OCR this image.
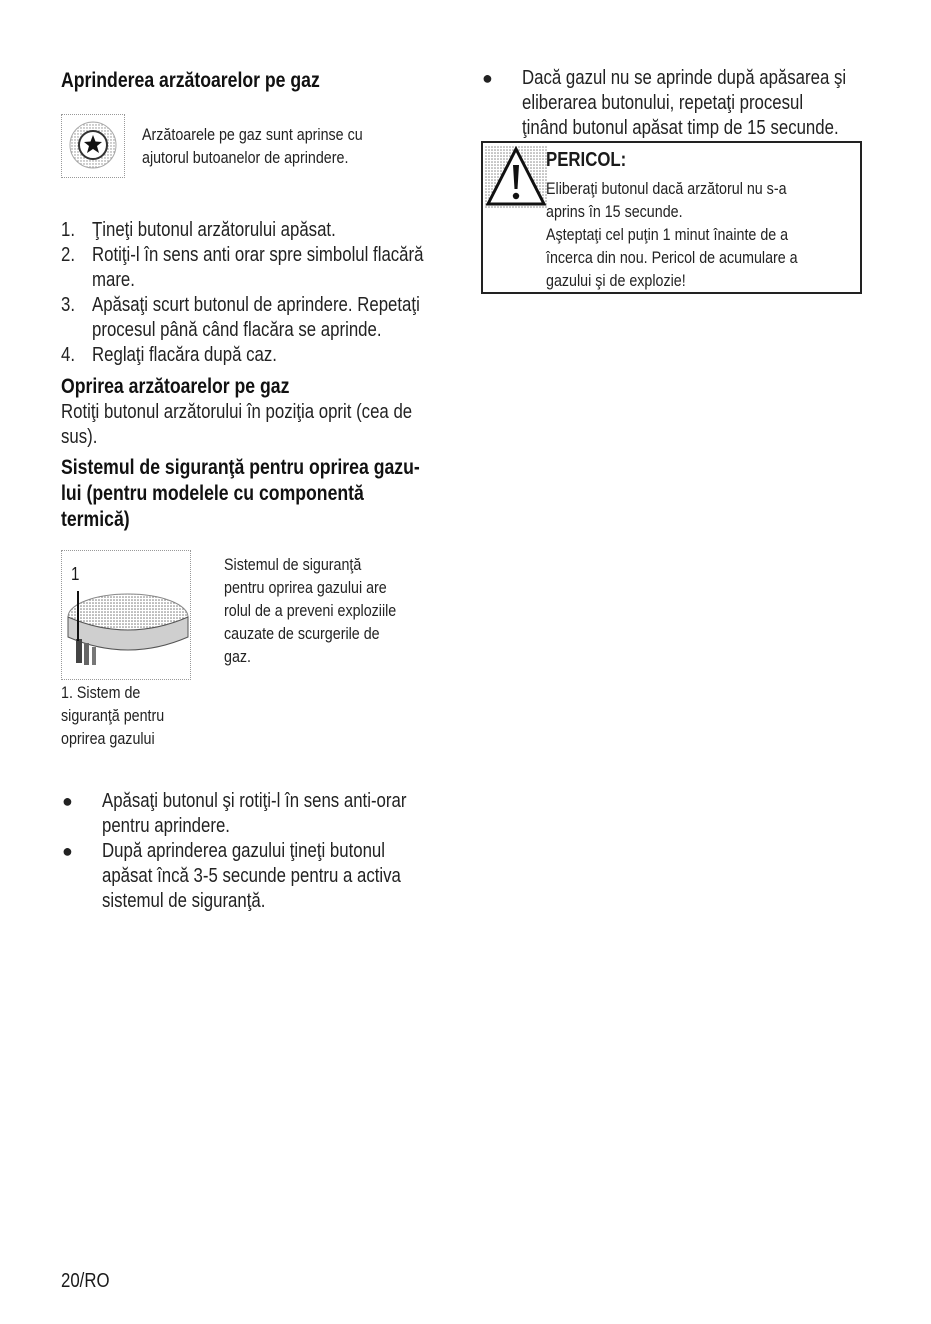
Aprinderea arzătoarelor pe gaz
Arzătoarele pe gaz sunt aprinse cu
ajutorul butoanelor de aprindere.
1. Ţineţi butonul arzătorului apăsat.
2. Rotiţi-l în sens anti orar spre simbolul flacără
mare.
3. Apăsaţi scurt butonul de aprindere. Repetaţi
procesul până când flacăra se aprinde.
4. Reglaţi flacăra după caz.
Oprirea arzătoarelor pe gaz
Rotiţi butonul arzătorului în poziţia oprit (cea de
sus).
Sistemul de siguranţă pentru oprirea gazu-
lui (pentru modelele cu componentă
termică)
1	Sistemul de siguranţă
pentru oprirea gazului are
rolul de a preveni exploziile
cauzate de scurgerile de
gaz.
1. Sistem de
siguranţă pentru
oprirea gazului
● Apăsaţi butonul şi rotiţi-l în sens anti-orar
pentru aprindere.
● După aprinderea gazului ţineţi butonul
apăsat încă 3-5 secunde pentru a activa
sistemul de siguranţă.
● Dacă gazul nu se aprinde după apăsarea şi
eliberarea butonului, repetaţi procesul
ţinând butonul apăsat timp de 15 secunde.
PERICOL:
Eliberaţi butonul dacă arzătorul nu s-a
aprins în 15 secunde.
Aşteptaţi cel puţin 1 minut înainte de a
încerca din nou. Pericol de acumulare a
gazului şi de explozie!
20/RO
